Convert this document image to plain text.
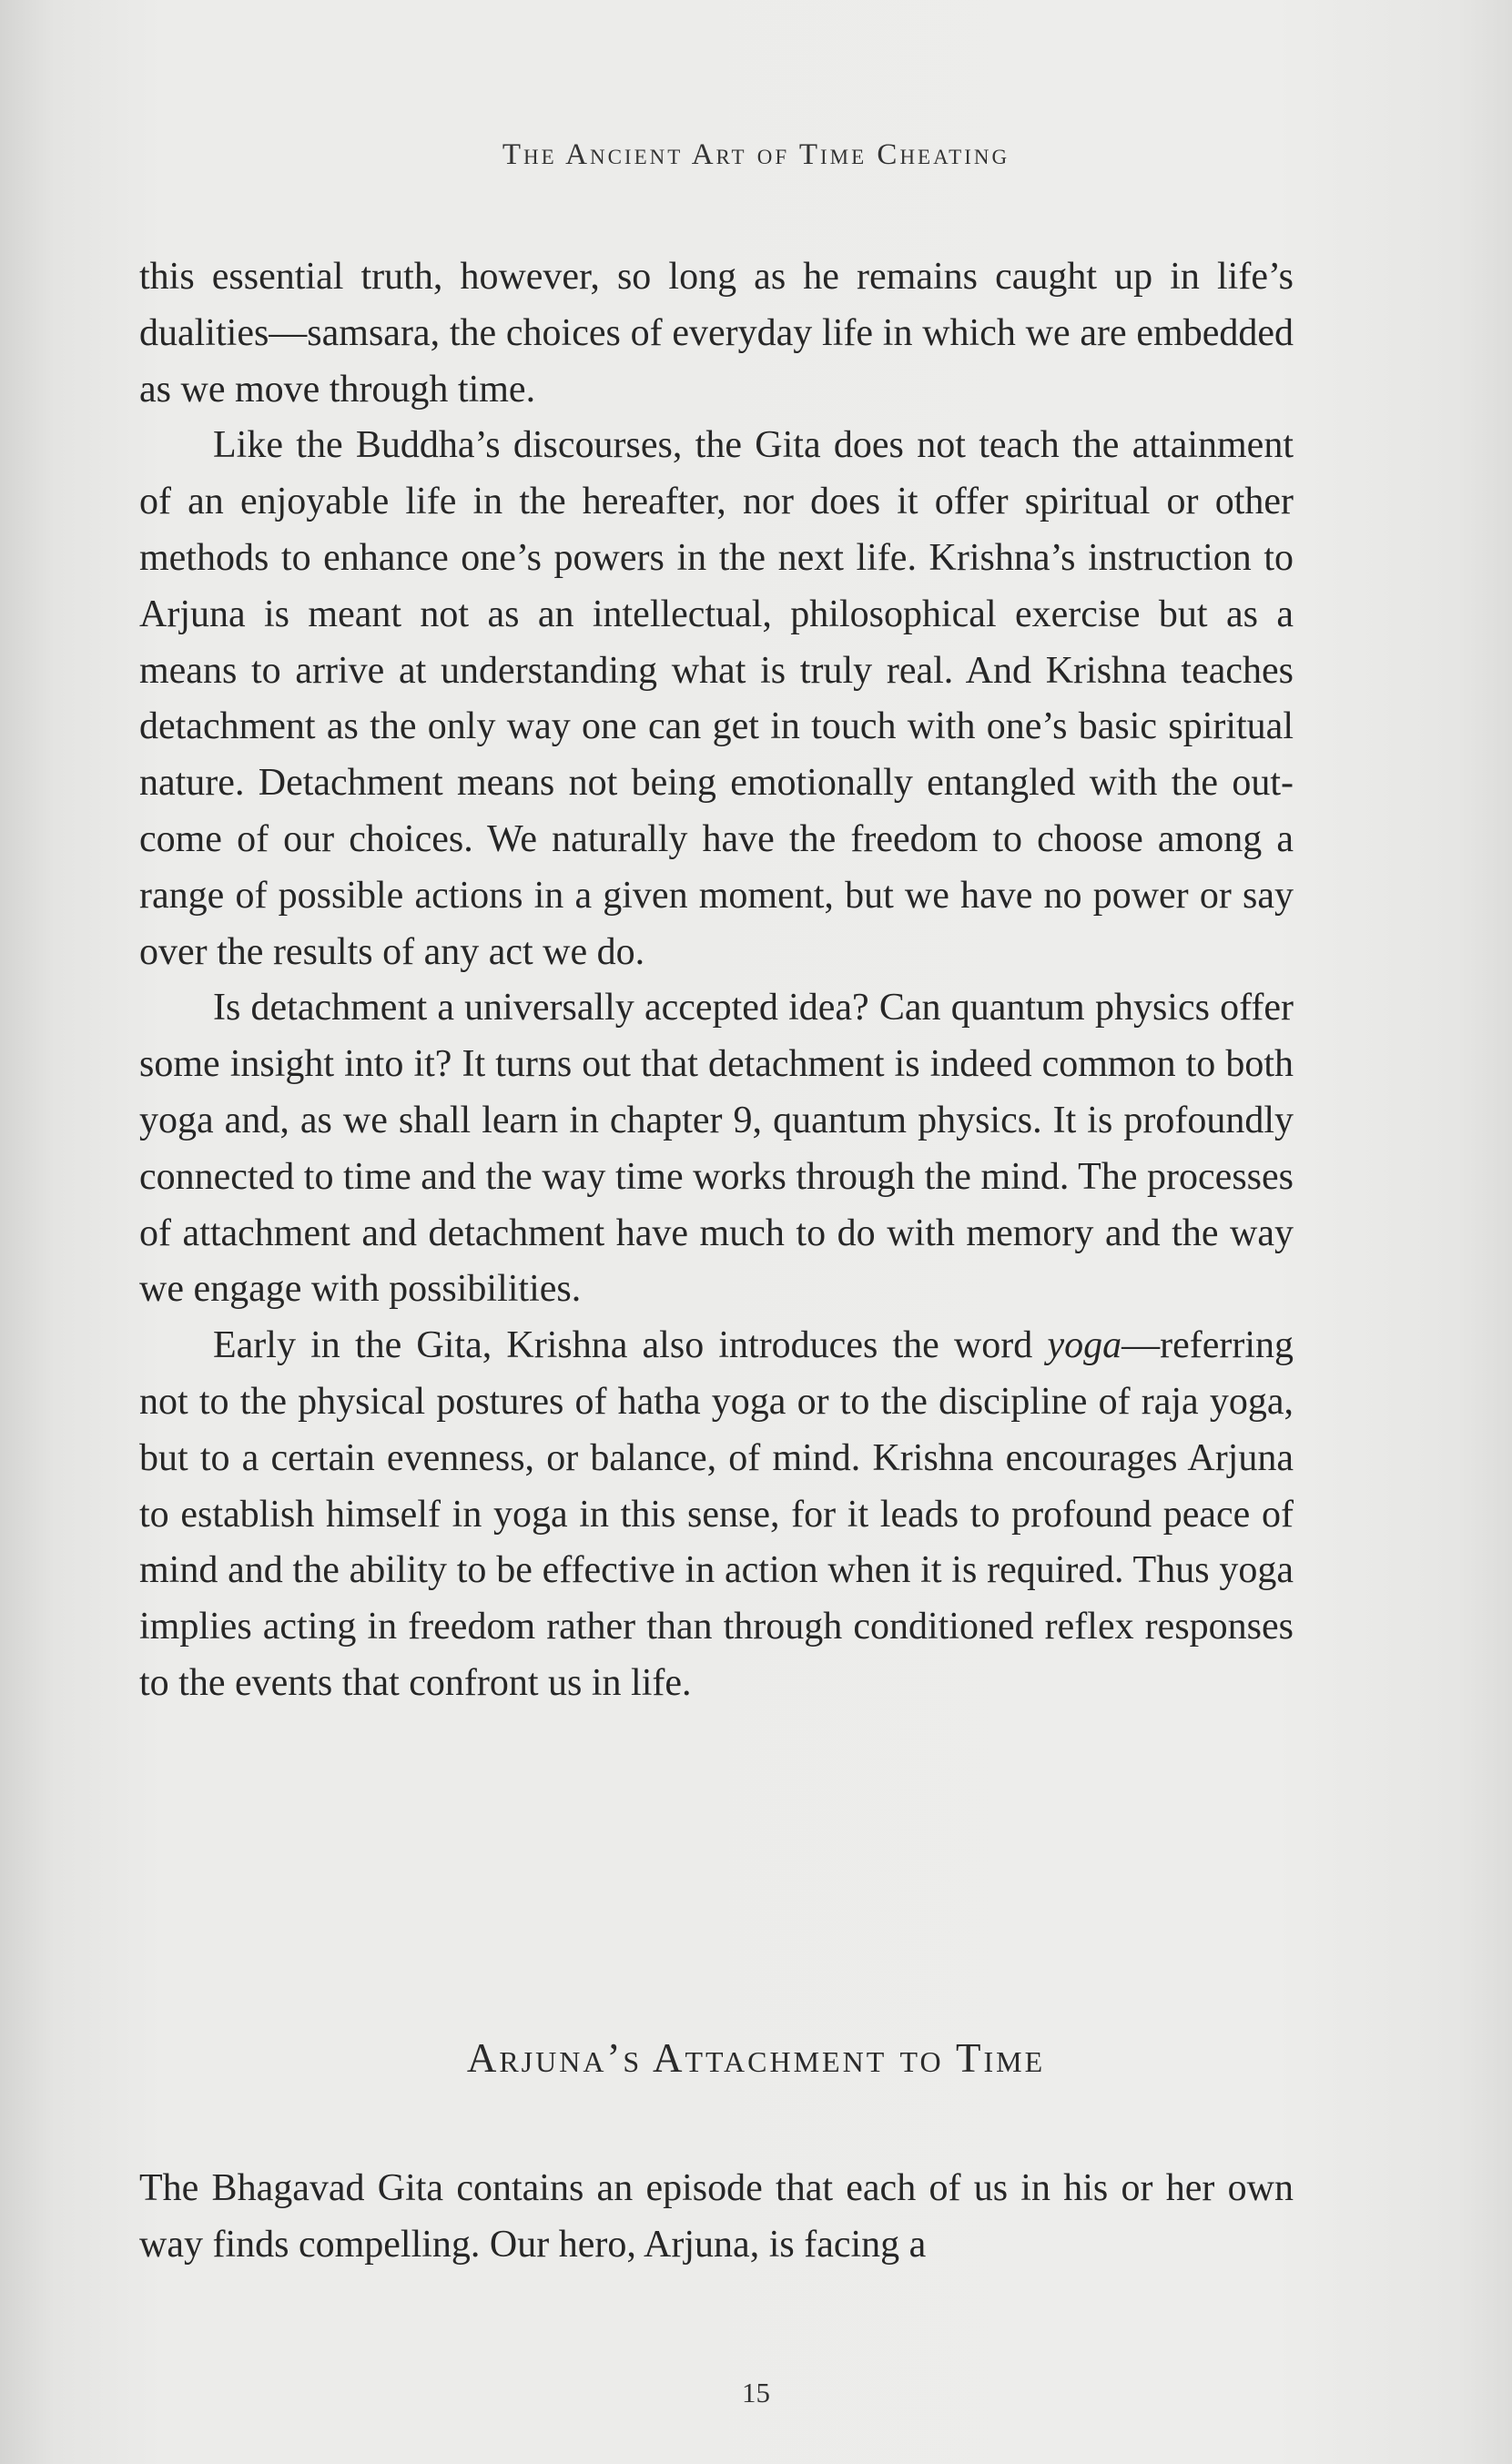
The Ancient Art of Time Cheating

this essential truth, however, so long as he remains caught up in life’s dualities—samsara, the choices of everyday life in which we are embedded as we move through time.

Like the Buddha’s discourses, the Gita does not teach the attainment of an enjoyable life in the hereafter, nor does it offer spiritual or other methods to enhance one’s powers in the next life. Krishna’s instruction to Arjuna is meant not as an intellectual, philosophical exercise but as a means to arrive at understanding what is truly real. And Krishna teaches detachment as the only way one can get in touch with one’s basic spiritual nature. Detachment means not being emotionally entangled with the outcome of our choices. We naturally have the freedom to choose among a range of possible actions in a given moment, but we have no power or say over the results of any act we do.

Is detachment a universally accepted idea? Can quantum physics offer some insight into it? It turns out that detachment is indeed common to both yoga and, as we shall learn in chapter 9, quantum physics. It is profoundly connected to time and the way time works through the mind. The processes of attachment and detachment have much to do with memory and the way we engage with possibilities.

Early in the Gita, Krishna also introduces the word yoga—referring not to the physical postures of hatha yoga or to the discipline of raja yoga, but to a certain evenness, or balance, of mind. Krishna encourages Arjuna to establish himself in yoga in this sense, for it leads to profound peace of mind and the ability to be effective in action when it is required. Thus yoga implies acting in freedom rather than through conditioned reflex responses to the events that confront us in life.

Arjuna’s Attachment to Time

The Bhagavad Gita contains an episode that each of us in his or her own way finds compelling. Our hero, Arjuna, is facing a

15
